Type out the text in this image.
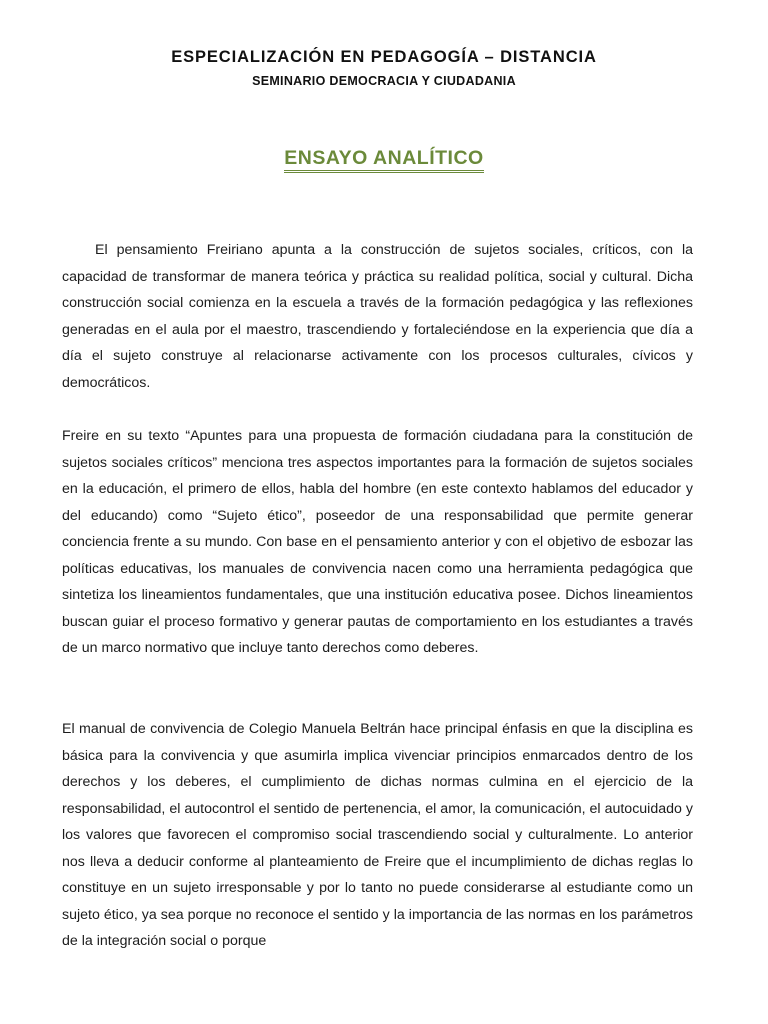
ESPECIALIZACIÓN EN PEDAGOGÍA – DISTANCIA
SEMINARIO DEMOCRACIA Y CIUDADANIA
ENSAYO ANALÍTICO

El pensamiento Freiriano apunta a la construcción de sujetos sociales, críticos, con la capacidad de transformar de manera teórica y práctica su realidad política, social y cultural. Dicha construcción social comienza en la escuela a través de la formación pedagógica y las reflexiones generadas en el aula por el maestro, trascendiendo y fortaleciéndose en la experiencia que día a día el sujeto construye al relacionarse activamente con los procesos culturales, cívicos y democráticos.

Freire en su texto “Apuntes para una propuesta de formación ciudadana para la constitución de sujetos sociales críticos” menciona tres aspectos importantes para la formación de sujetos sociales en la educación, el primero de ellos, habla del hombre (en este contexto hablamos del educador y del educando) como “Sujeto ético”, poseedor de una responsabilidad que permite generar conciencia frente a su mundo. Con base en el pensamiento anterior y con el objetivo de esbozar las políticas educativas, los manuales de convivencia nacen como una herramienta pedagógica que sintetiza los lineamientos fundamentales, que una institución educativa posee. Dichos lineamientos buscan guiar el proceso formativo y generar pautas de comportamiento en los estudiantes a través de un marco normativo que incluye tanto derechos como deberes.

El manual de convivencia de Colegio Manuela Beltrán hace principal énfasis en que la disciplina es básica para la convivencia y que asumirla implica vivenciar principios enmarcados dentro de los derechos y los deberes, el cumplimiento de dichas normas culmina en el ejercicio de la responsabilidad, el autocontrol el sentido de pertenencia, el amor, la comunicación, el autocuidado y los valores que favorecen el compromiso social trascendiendo social y culturalmente. Lo anterior nos lleva a deducir conforme al planteamiento de Freire que el incumplimiento de dichas reglas lo constituye en un sujeto irresponsable y por lo tanto no puede considerarse al estudiante como un sujeto ético, ya sea porque no reconoce el sentido y la importancia de las normas en los parámetros de la integración social o porque
